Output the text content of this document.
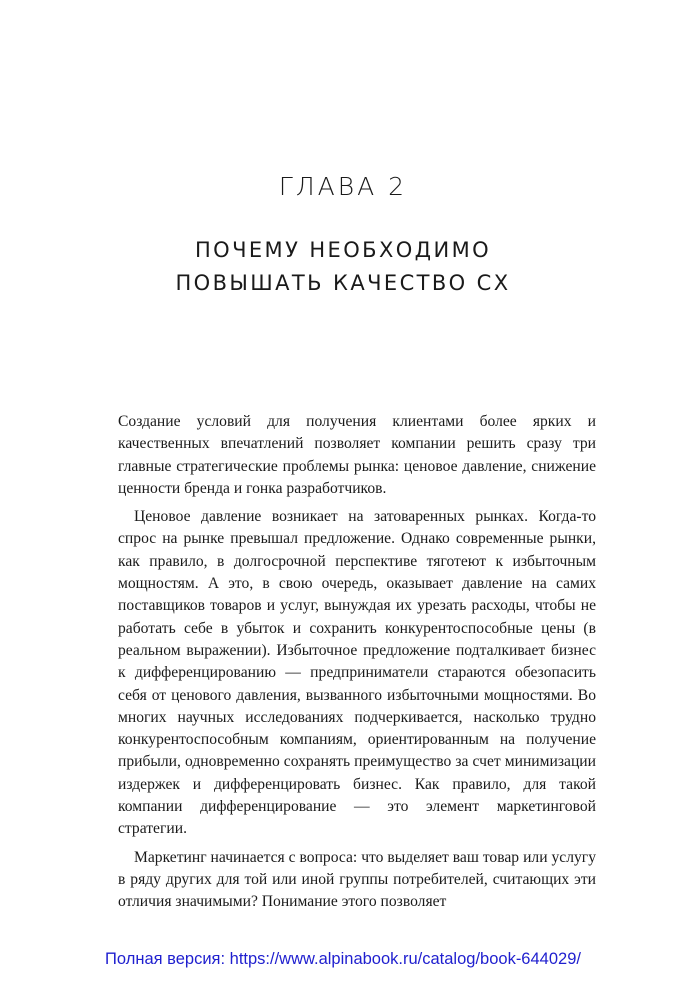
ГЛАВА 2
ПОЧЕМУ НЕОБХОДИМО
ПОВЫШАТЬ КАЧЕСТВО CX

Создание условий для получения клиентами более ярких и качественных впечатлений позволяет компании решить сразу три главные стратегические проблемы рынка: ценовое давление, снижение ценности бренда и гонка разработчиков.

Ценовое давление возникает на затоваренных рынках. Когда-то спрос на рынке превышал предложение. Однако современные рынки, как правило, в долгосрочной перспективе тяготеют к избыточным мощностям. А это, в свою очередь, оказывает давление на самих поставщиков товаров и услуг, вынуждая их урезать расходы, чтобы не работать себе в убыток и сохранить конкурентоспособные цены (в реальном выражении). Избыточное предложение подталкивает бизнес к дифференцированию — предприниматели стараются обезопасить себя от ценового давления, вызванного избыточными мощностями. Во многих научных исследованиях подчеркивается, насколько трудно конкурентоспособным компаниям, ориентированным на получение прибыли, одновременно сохранять преимущество за счет минимизации издержек и дифференцировать бизнес. Как правило, для такой компании дифференцирование — это элемент маркетинговой стратегии.

Маркетинг начинается с вопроса: что выделяет ваш товар или услугу в ряду других для той или иной группы потребителей, считающих эти отличия значимыми? Понимание этого позволяет

Полная версия: https://www.alpinabook.ru/catalog/book-644029/
